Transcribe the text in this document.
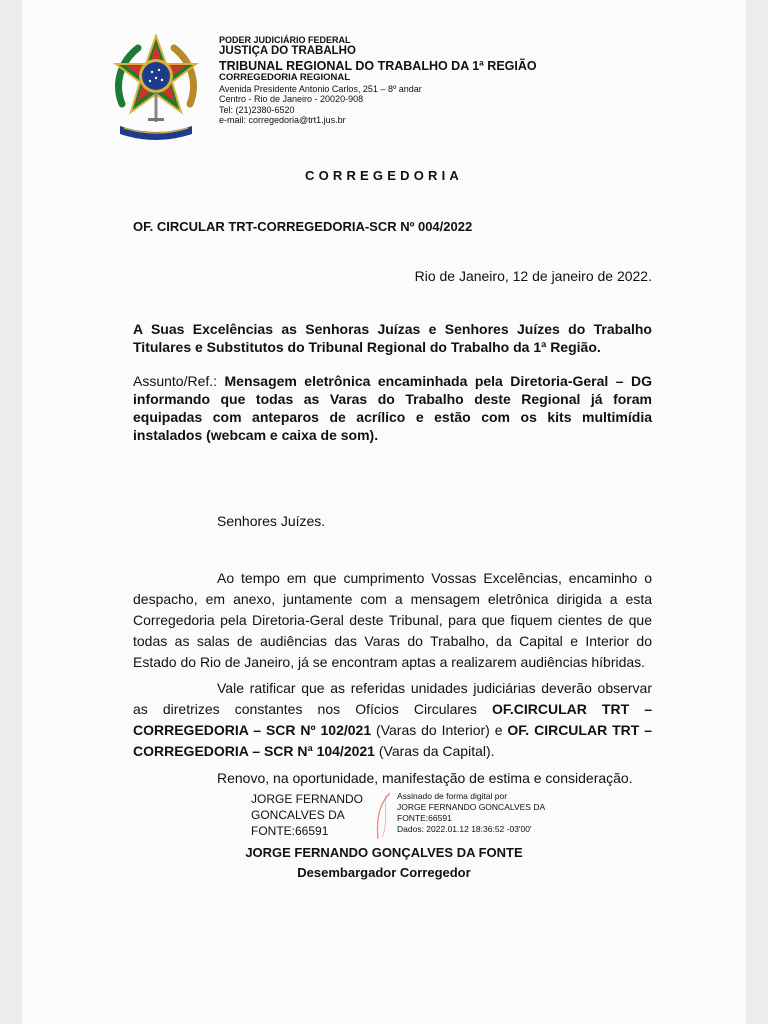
PODER JUDICIÁRIO FEDERAL
JUSTIÇA DO TRABALHO
TRIBUNAL REGIONAL DO TRABALHO DA 1ª REGIÃO
CORREGEDORIA REGIONAL
Avenida Presidente Antonio Carlos, 251 – 8º andar
Centro - Rio de Janeiro - 20020-908
Tel: (21)2380-6520
e-mail: corregedoria@trt1.jus.br
CORREGEDORIA
OF. CIRCULAR TRT-CORREGEDORIA-SCR Nº 004/2022
Rio de Janeiro, 12 de janeiro de 2022.
A Suas Excelências as Senhoras Juízas e Senhores Juízes do Trabalho Titulares e Substitutos do Tribunal Regional do Trabalho da 1ª Região.
Assunto/Ref.: Mensagem eletrônica encaminhada pela Diretoria-Geral – DG informando que todas as Varas do Trabalho deste Regional já foram equipadas com anteparos de acrílico e estão com os kits multimídia instalados (webcam e caixa de som).
Senhores Juízes.
Ao tempo em que cumprimento Vossas Excelências, encaminho o despacho, em anexo, juntamente com a mensagem eletrônica dirigida a esta Corregedoria pela Diretoria-Geral deste Tribunal, para que fiquem cientes de que todas as salas de audiências das Varas do Trabalho, da Capital e Interior do Estado do Rio de Janeiro, já se encontram aptas a realizarem audiências híbridas.
Vale ratificar que as referidas unidades judiciárias deverão observar as diretrizes constantes nos Ofícios Circulares OF.CIRCULAR TRT – CORREGEDORIA – SCR Nº 102/021 (Varas do Interior) e OF. CIRCULAR TRT – CORREGEDORIA – SCR Nª 104/2021 (Varas da Capital).
Renovo, na oportunidade, manifestação de estima e consideração.
JORGE FERNANDO
GONCALVES DA
FONTE:66591
Assinado de forma digital por
JORGE FERNANDO GONCALVES DA
FONTE:66591
Dados: 2022.01.12 18:36:52 -03'00'
JORGE FERNANDO GONÇALVES DA FONTE
Desembargador Corregedor
